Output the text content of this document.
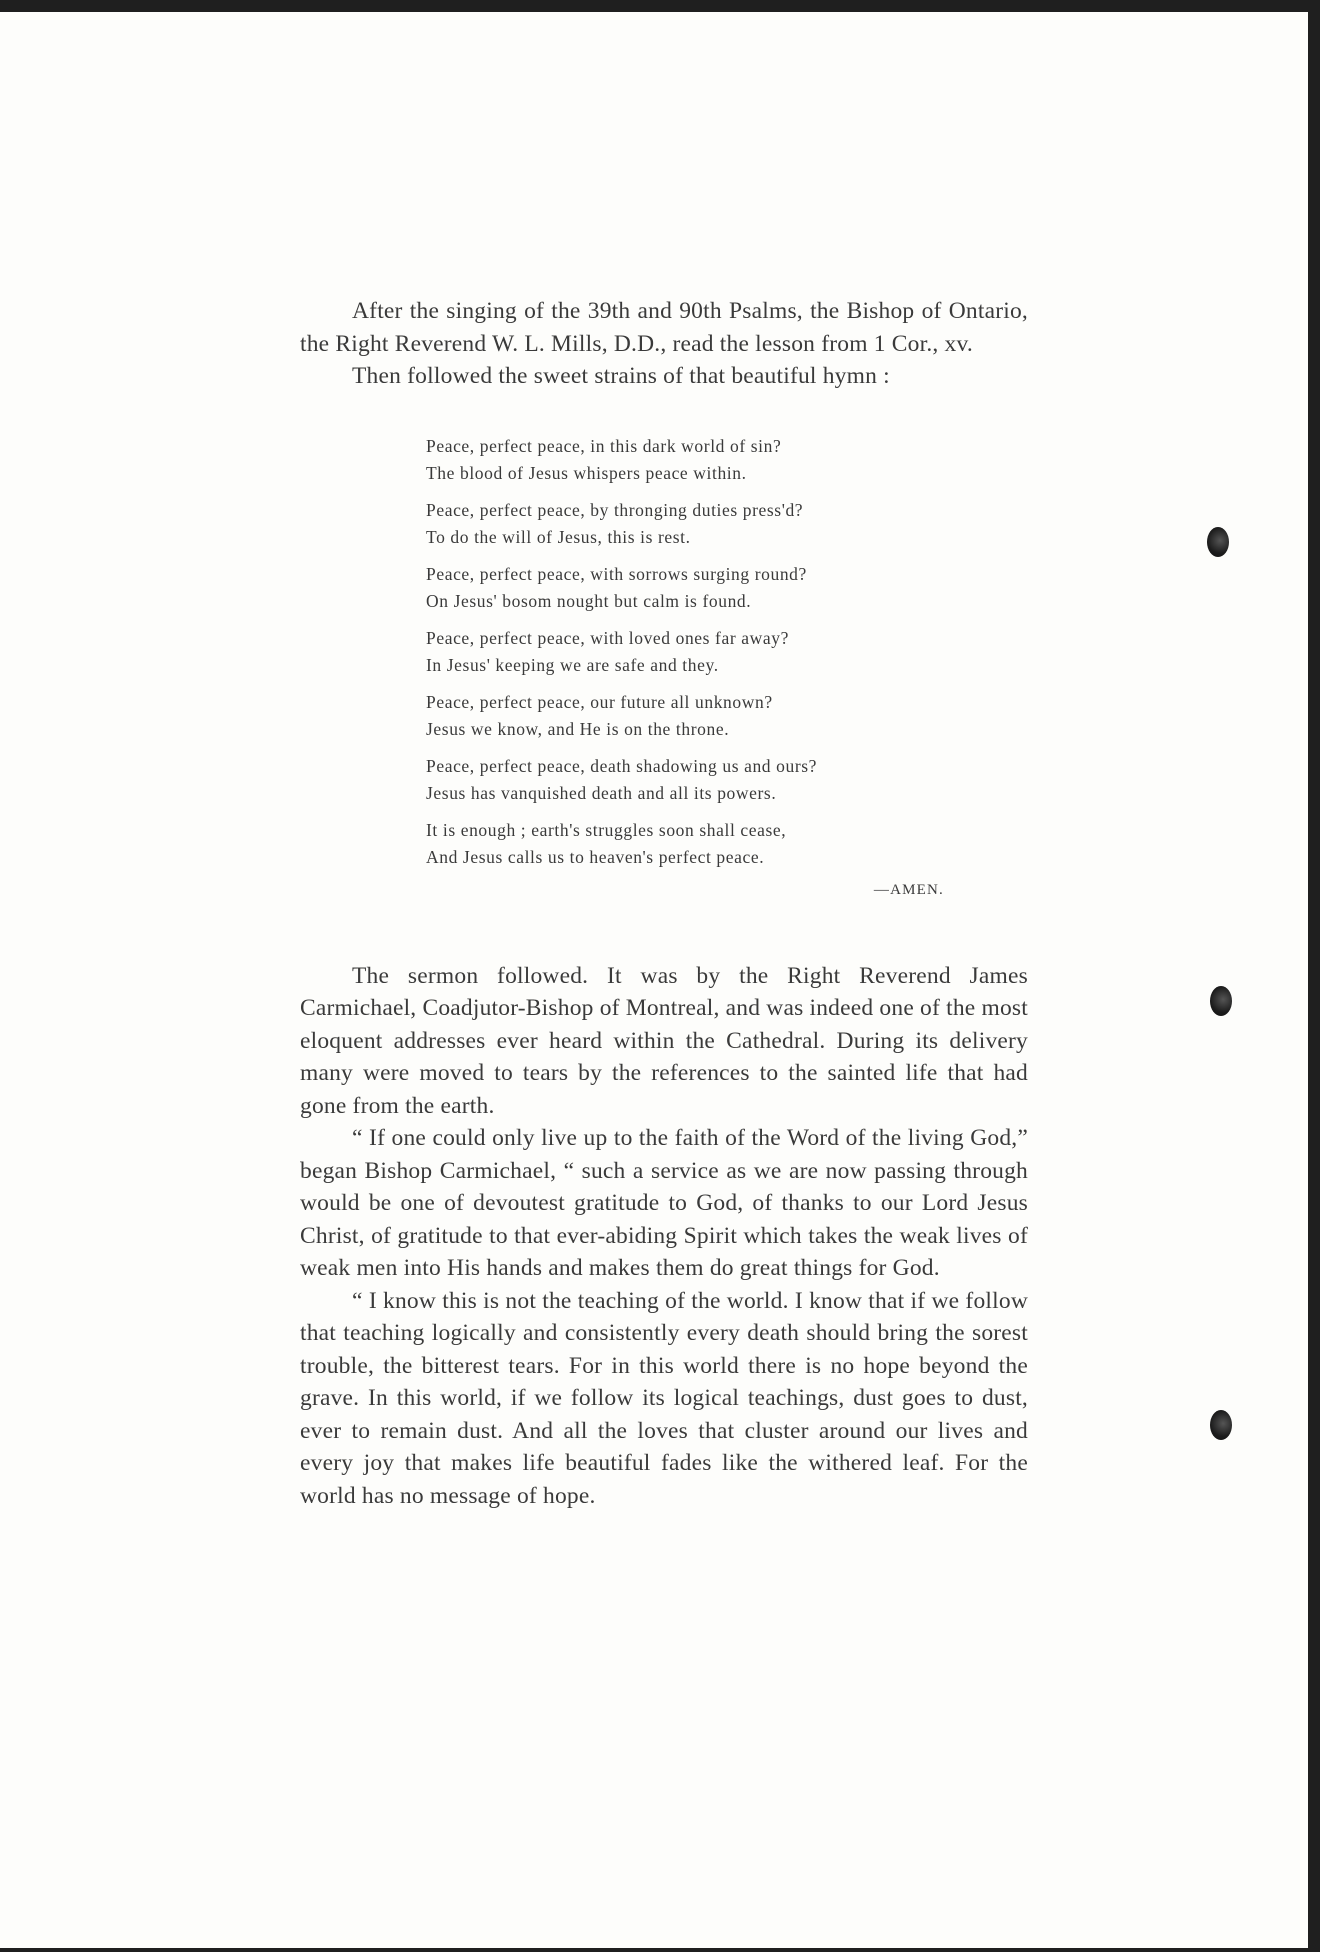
After the singing of the 39th and 90th Psalms, the Bishop of Ontario, the Right Reverend W. L. Mills, D.D., read the lesson from 1 Cor., xv.

Then followed the sweet strains of that beautiful hymn :

Peace, perfect peace, in this dark world of sin?
The blood of Jesus whispers peace within.
Peace, perfect peace, by thronging duties press'd?
To do the will of Jesus, this is rest.
Peace, perfect peace, with sorrows surging round?
On Jesus' bosom nought but calm is found.
Peace, perfect peace, with loved ones far away?
In Jesus' keeping we are safe and they.
Peace, perfect peace, our future all unknown?
Jesus we know, and He is on the throne.
Peace, perfect peace, death shadowing us and ours?
Jesus has vanquished death and all its powers.
It is enough ; earth's struggles soon shall cease,
And Jesus calls us to heaven's perfect peace.
—AMEN.

The sermon followed. It was by the Right Reverend James Carmichael, Coadjutor-Bishop of Montreal, and was indeed one of the most eloquent addresses ever heard within the Cathedral. During its delivery many were moved to tears by the references to the sainted life that had gone from the earth.

“ If one could only live up to the faith of the Word of the living God,” began Bishop Carmichael, “ such a service as we are now passing through would be one of devoutest gratitude to God, of thanks to our Lord Jesus Christ, of gratitude to that ever-abiding Spirit which takes the weak lives of weak men into His hands and makes them do great things for God.

“ I know this is not the teaching of the world. I know that if we follow that teaching logically and consistently every death should bring the sorest trouble, the bitterest tears. For in this world there is no hope beyond the grave. In this world, if we follow its logical teachings, dust goes to dust, ever to remain dust. And all the loves that cluster around our lives and every joy that makes life beautiful fades like the withered leaf. For the world has no message of hope.
